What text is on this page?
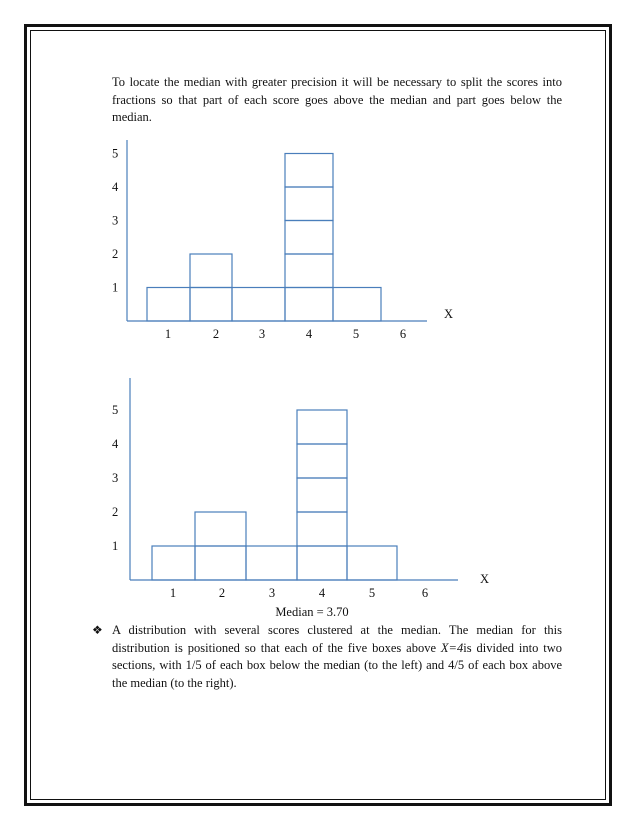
To locate the median with greater precision it will be necessary to split the scores into fractions so that part of each score goes above the median and part goes below the median.

1
2
3
4
5
1	2	3	4	5	6
X
1
2
3
4
5
1	2	3	4	5	6
X
Median = 3.70
❖ A distribution with several scores clustered at the median. The median for this distribution is positioned so that each of the five boxes above X=4is divided into two sections, with 1/5 of each box below the median (to the left) and 4/5 of each box above the median (to the right).
